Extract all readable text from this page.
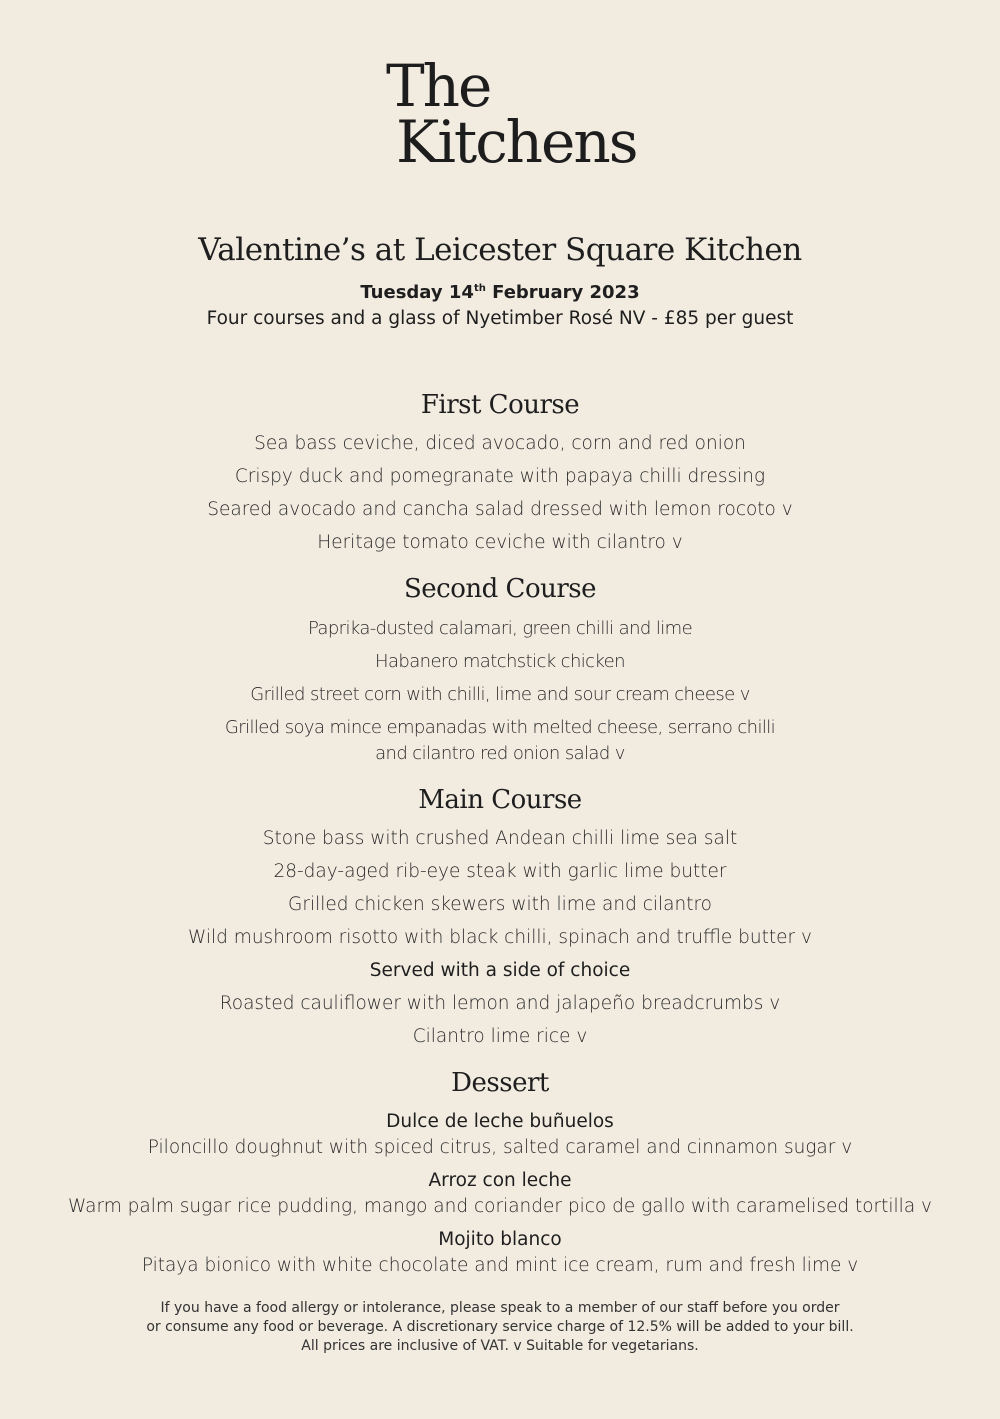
The
Kitchens
Valentine’s at Leicester Square Kitchen
Tuesday 14th February 2023
Four courses and a glass of Nyetimber Rosé NV - £85 per guest
First Course
Sea bass ceviche, diced avocado, corn and red onion
Crispy duck and pomegranate with papaya chilli dressing
Seared avocado and cancha salad dressed with lemon rocoto v
Heritage tomato ceviche with cilantro v
Second Course
Paprika-dusted calamari, green chilli and lime
Habanero matchstick chicken
Grilled street corn with chilli, lime and sour cream cheese v
Grilled soya mince empanadas with melted cheese, serrano chilli
and cilantro red onion salad v
Main Course
Stone bass with crushed Andean chilli lime sea salt
28-day-aged rib-eye steak with garlic lime butter
Grilled chicken skewers with lime and cilantro
Wild mushroom risotto with black chilli, spinach and truffle butter v
Served with a side of choice
Roasted cauliflower with lemon and jalapeño breadcrumbs v
Cilantro lime rice v
Dessert
Dulce de leche buñuelos
Piloncillo doughnut with spiced citrus, salted caramel and cinnamon sugar v
Arroz con leche
Warm palm sugar rice pudding, mango and coriander pico de gallo with caramelised tortilla v
Mojito blanco
Pitaya bionico with white chocolate and mint ice cream, rum and fresh lime v
If you have a food allergy or intolerance, please speak to a member of our staff before you order
or consume any food or beverage. A discretionary service charge of 12.5% will be added to your bill.
All prices are inclusive of VAT. v Suitable for vegetarians.
